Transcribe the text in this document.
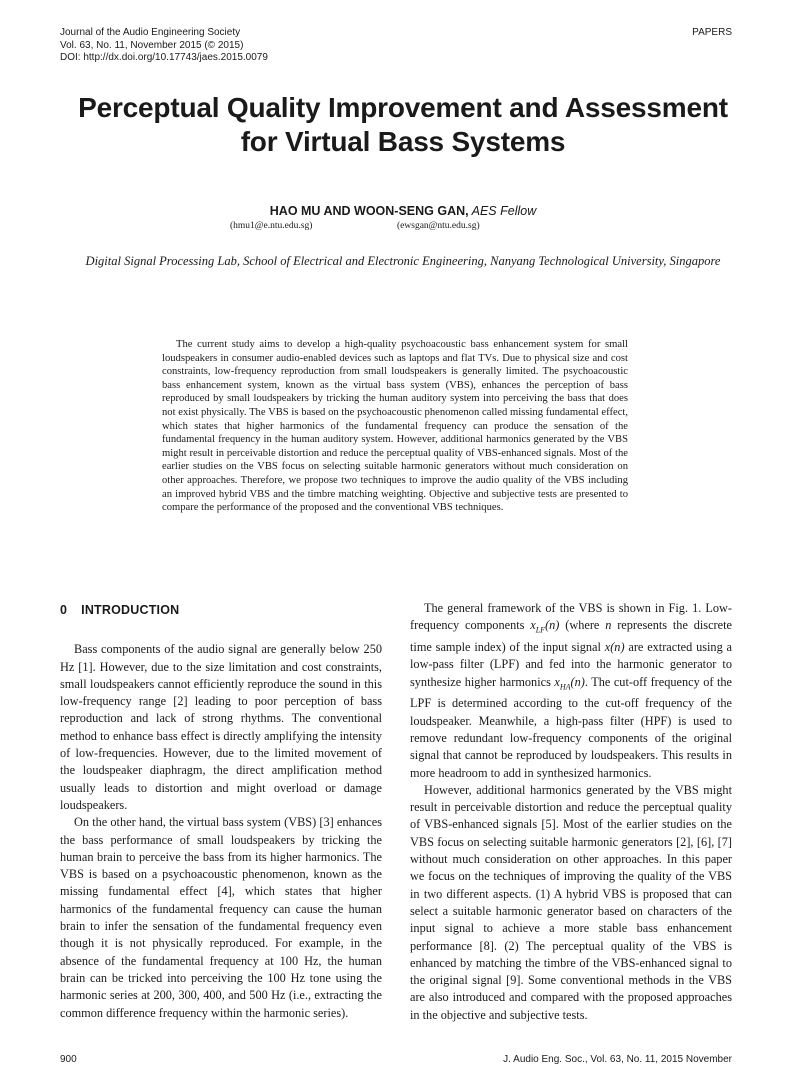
Journal of the Audio Engineering Society
Vol. 63, No. 11, November 2015 (© 2015)
DOI: http://dx.doi.org/10.17743/jaes.2015.0079
PAPERS
Perceptual Quality Improvement and Assessment
for Virtual Bass Systems
HAO MU AND WOON-SENG GAN, AES Fellow
(hmu1@e.ntu.edu.sg)	(ewsgan@ntu.edu.sg)
Digital Signal Processing Lab, School of Electrical and Electronic Engineering, Nanyang Technological University, Singapore

The current study aims to develop a high-quality psychoacoustic bass enhancement system for small loudspeakers in consumer audio-enabled devices such as laptops and flat TVs. Due to physical size and cost constraints, low-frequency reproduction from small loudspeakers is generally limited. The psychoacoustic bass enhancement system, known as the virtual bass system (VBS), enhances the perception of bass reproduced by small loudspeakers by tricking the human auditory system into perceiving the bass that does not exist physically. The VBS is based on the psychoacoustic phenomenon called missing fundamental effect, which states that higher harmonics of the fundamental frequency can produce the sensation of the fundamental frequency in the human auditory system. However, additional harmonics generated by the VBS might result in perceivable distortion and reduce the perceptual quality of VBS-enhanced signals. Most of the earlier studies on the VBS focus on selecting suitable harmonic generators without much consideration on other approaches. Therefore, we propose two techniques to improve the audio quality of the VBS including an improved hybrid VBS and the timbre matching weighting. Objective and subjective tests are presented to compare the performance of the proposed and the conventional VBS techniques.

0 INTRODUCTION

Bass components of the audio signal are generally below 250 Hz [1]. However, due to the size limitation and cost constraints, small loudspeakers cannot efficiently reproduce the sound in this low-frequency range [2] leading to poor perception of bass reproduction and lack of strong rhythms. The conventional method to enhance bass effect is directly amplifying the intensity of low-frequencies. However, due to the limited movement of the loudspeaker diaphragm, the direct amplification method usually leads to distortion and might overload or damage loudspeakers.

On the other hand, the virtual bass system (VBS) [3] enhances the bass performance of small loudspeakers by tricking the human brain to perceive the bass from its higher harmonics. The VBS is based on a psychoacoustic phenomenon, known as the missing fundamental effect [4], which states that higher harmonics of the fundamental frequency can cause the human brain to infer the sensation of the fundamental frequency even though it is not physically reproduced. For example, in the absence of the fundamental frequency at 100 Hz, the human brain can be tricked into perceiving the 100 Hz tone using the harmonic series at 200, 300, 400, and 500 Hz (i.e., extracting the common difference frequency within the harmonic series).

The general framework of the VBS is shown in Fig. 1. Low-frequency components $x_{LF}(n)$ (where n represents the discrete time sample index) of the input signal x(n) are extracted using a low-pass filter (LPF) and fed into the harmonic generator to synthesize higher harmonics $x_{HA}(n)$. The cut-off frequency of the LPF is determined according to the cut-off frequency of the loudspeaker. Meanwhile, a high-pass filter (HPF) is used to remove redundant low-frequency components of the original signal that cannot be reproduced by loudspeakers. This results in more headroom to add in synthesized harmonics.

However, additional harmonics generated by the VBS might result in perceivable distortion and reduce the perceptual quality of VBS-enhanced signals [5]. Most of the earlier studies on the VBS focus on selecting suitable harmonic generators [2], [6], [7] without much consideration on other approaches. In this paper we focus on the techniques of improving the quality of the VBS in two different aspects. (1) A hybrid VBS is proposed that can select a suitable harmonic generator based on characters of the input signal to achieve a more stable bass enhancement performance [8]. (2) The perceptual quality of the VBS is enhanced by matching the timbre of the VBS-enhanced signal to the original signal [9]. Some conventional methods in the VBS are also introduced and compared with the proposed approaches in the objective and subjective tests.

900	J. Audio Eng. Soc., Vol. 63, No. 11, 2015 November
